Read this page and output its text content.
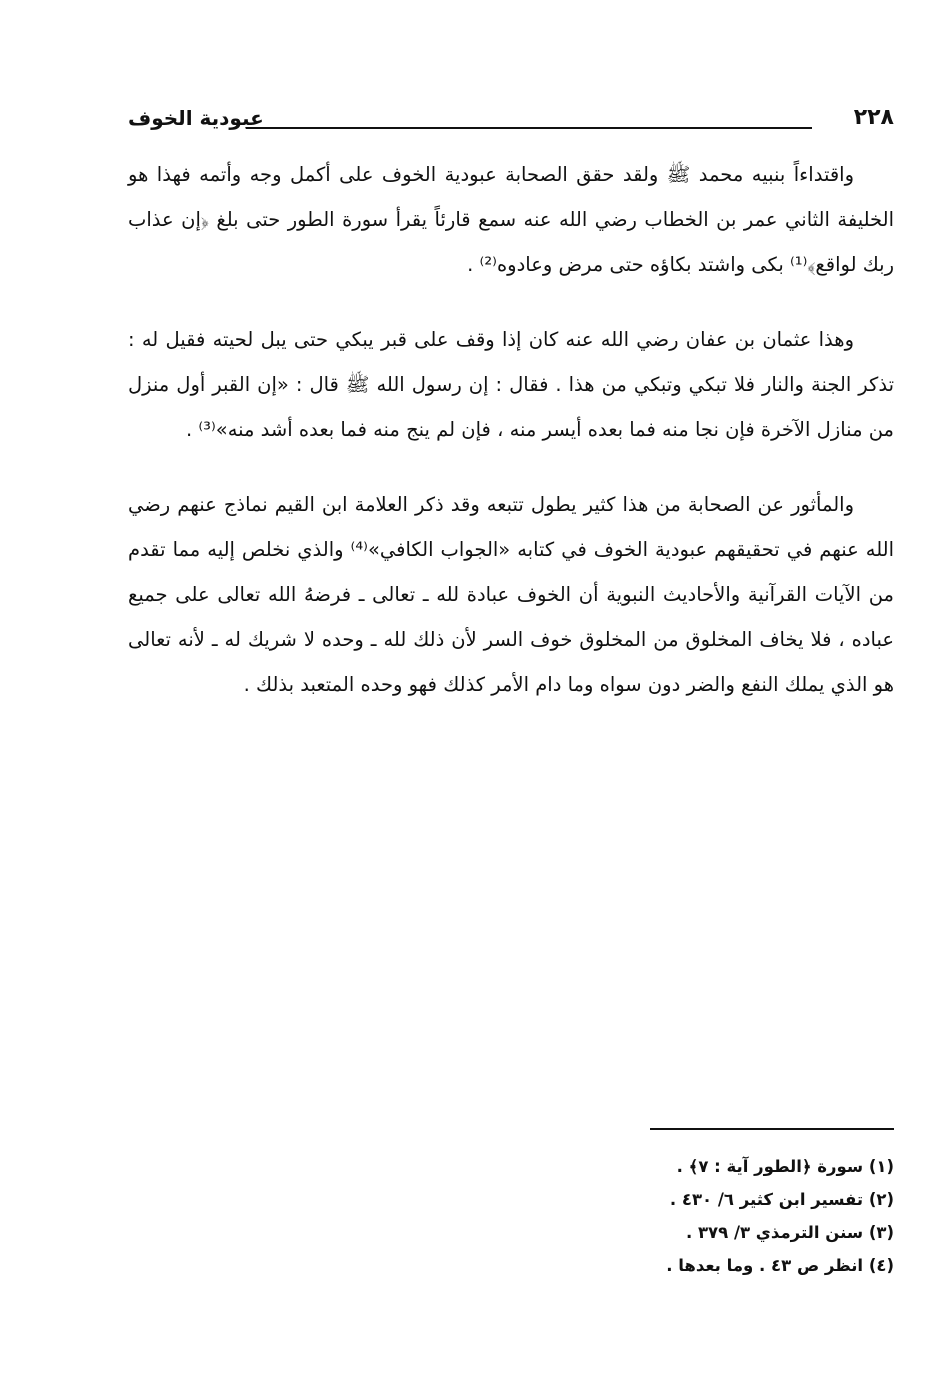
٢٢٨
عبودية الخوف

واقتداءاً بنبيه محمد ﷺ ولقد حقق الصحابة عبودية الخوف على أكمل وجه وأتمه فهذا هو الخليفة الثاني عمر بن الخطاب رضي الله عنه سمع قارئاً يقرأ سورة الطور حتى بلغ ﴿إن عذاب ربك لواقع﴾⁽¹⁾ بكى واشتد بكاؤه حتى مرض وعادوه⁽²⁾ .

وهذا عثمان بن عفان رضي الله عنه كان إذا وقف على قبر يبكي حتى يبل لحيته فقيل له : تذكر الجنة والنار فلا تبكي وتبكي من هذا . فقال : إن رسول الله ﷺ قال : «إن القبر أول منزل من منازل الآخرة فإن نجا منه فما بعده أيسر منه ، فإن لم ينج منه فما بعده أشد منه»⁽³⁾ .

والمأثور عن الصحابة من هذا كثير يطول تتبعه وقد ذكر العلامة ابن القيم نماذج عنهم رضي الله عنهم في تحقيقهم عبودية الخوف في كتابه «الجواب الكافي»⁽⁴⁾ والذي نخلص إليه مما تقدم من الآيات القرآنية والأحاديث النبوية أن الخوف عبادة لله ـ تعالى ـ فرضهُ الله تعالى على جميع عباده ، فلا يخاف المخلوق من المخلوق خوف السر لأن ذلك لله ـ وحده لا شريك له ـ لأنه تعالى هو الذي يملك النفع والضر دون سواه وما دام الأمر كذلك فهو وحده المتعبد بذلك .

(١) سورة ﴿الطور آية : ٧﴾ .
(٢) تفسير ابن كثير ٦/ ٤٣٠ .
(٣) سنن الترمذي ٣/ ٣٧٩ .
(٤) انظر ص ٤٣ . وما بعدها .
